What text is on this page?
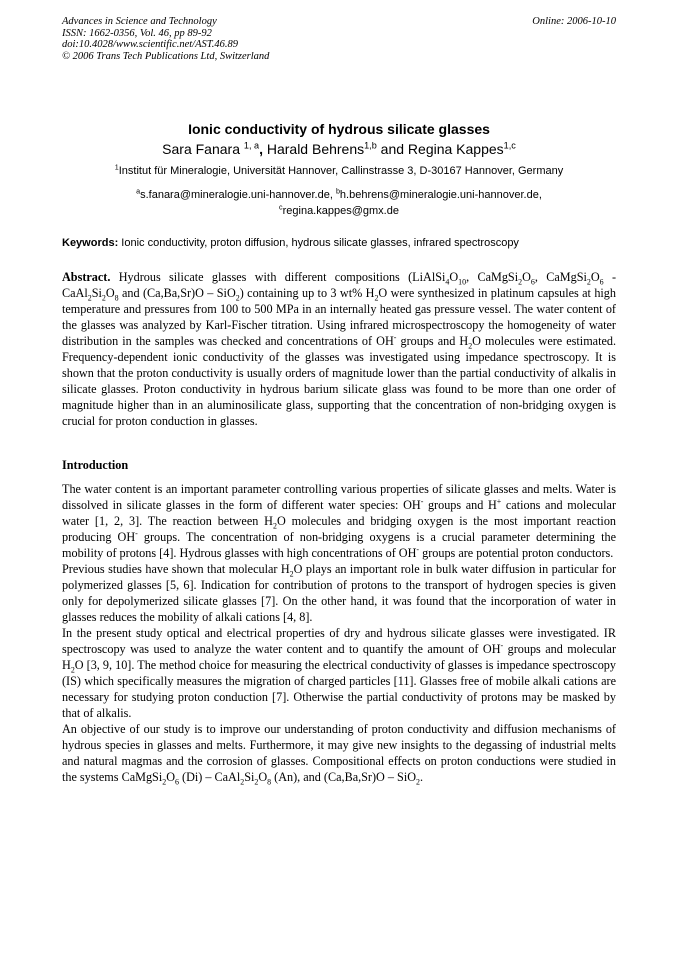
Advances in Science and Technology
ISSN: 1662-0356, Vol. 46, pp 89-92
doi:10.4028/www.scientific.net/AST.46.89
© 2006 Trans Tech Publications Ltd, Switzerland
Online: 2006-10-10
Ionic conductivity of hydrous silicate glasses
Sara Fanara $^{1, a}$, Harald Behrens$^{1,b}$ and Regina Kappes$^{1,c}$
$^1$Institut für Mineralogie, Universität Hannover, Callinstrasse 3, D-30167 Hannover, Germany
$^a$s.fanara@mineralogie.uni-hannover.de, $^b$h.behrens@mineralogie.uni-hannover.de,
$^c$regina.kappes@gmx.de
Keywords: Ionic conductivity, proton diffusion, hydrous silicate glasses, infrared spectroscopy
Abstract. Hydrous silicate glasses with different compositions ($LiAlSi_4O_{10}$, $CaMgSi_2O_6$, $CaMgSi_2O_6$ - $CaAl_2Si_2O_8$ and (Ca,Ba,Sr)O – SiO$_2$) containing up to 3 wt% $H_2O$ were synthesized in platinum capsules at high temperature and pressures from 100 to 500 MPa in an internally heated gas pressure vessel. The water content of the glasses was analyzed by Karl-Fischer titration. Using infrared microspectroscopy the homogeneity of water distribution in the samples was checked and concentrations of OH- groups and $H_2O$ molecules were estimated. Frequency-dependent ionic conductivity of the glasses was investigated using impedance spectroscopy. It is shown that the proton conductivity is usually orders of magnitude lower than the partial conductivity of alkalis in silicate glasses. Proton conductivity in hydrous barium silicate glass was found to be more than one order of magnitude higher than in an aluminosilicate glass, supporting that the concentration of non-bridging oxygen is crucial for proton conduction in glasses.
Introduction

The water content is an important parameter controlling various properties of silicate glasses and melts. Water is dissolved in silicate glasses in the form of different water species: OH- groups and H+ cations and molecular water [1, 2, 3]. The reaction between $H_2O$ molecules and bridging oxygen is the most important reaction producing OH- groups. The concentration of non-bridging oxygens is a crucial parameter determining the mobility of protons [4]. Hydrous glasses with high concentrations of OH- groups are potential proton conductors.

Previous studies have shown that molecular $H_2O$ plays an important role in bulk water diffusion in particular for polymerized glasses [5, 6]. Indication for contribution of protons to the transport of hydrogen species is given only for depolymerized silicate glasses [7]. On the other hand, it was found that the incorporation of water in glasses reduces the mobility of alkali cations [4, 8].

In the present study optical and electrical properties of dry and hydrous silicate glasses were investigated. IR spectroscopy was used to analyze the water content and to quantify the amount of OH- groups and molecular $H_2O$ [3, 9, 10]. The method choice for measuring the electrical conductivity of glasses is impedance spectroscopy (IS) which specifically measures the migration of charged particles [11]. Glasses free of mobile alkali cations are necessary for studying proton conduction [7]. Otherwise the partial conductivity of protons may be masked by that of alkalis.

An objective of our study is to improve our understanding of proton conductivity and diffusion mechanisms of hydrous species in glasses and melts. Furthermore, it may give new insights to the degassing of industrial melts and natural magmas and the corrosion of glasses. Compositional effects on proton conductions were studied in the systems $CaMgSi_2O_6$ $(Di) - CaAl_2Si_2O_8$ (An), and (Ca,Ba,Sr)O – SiO$_2$.
